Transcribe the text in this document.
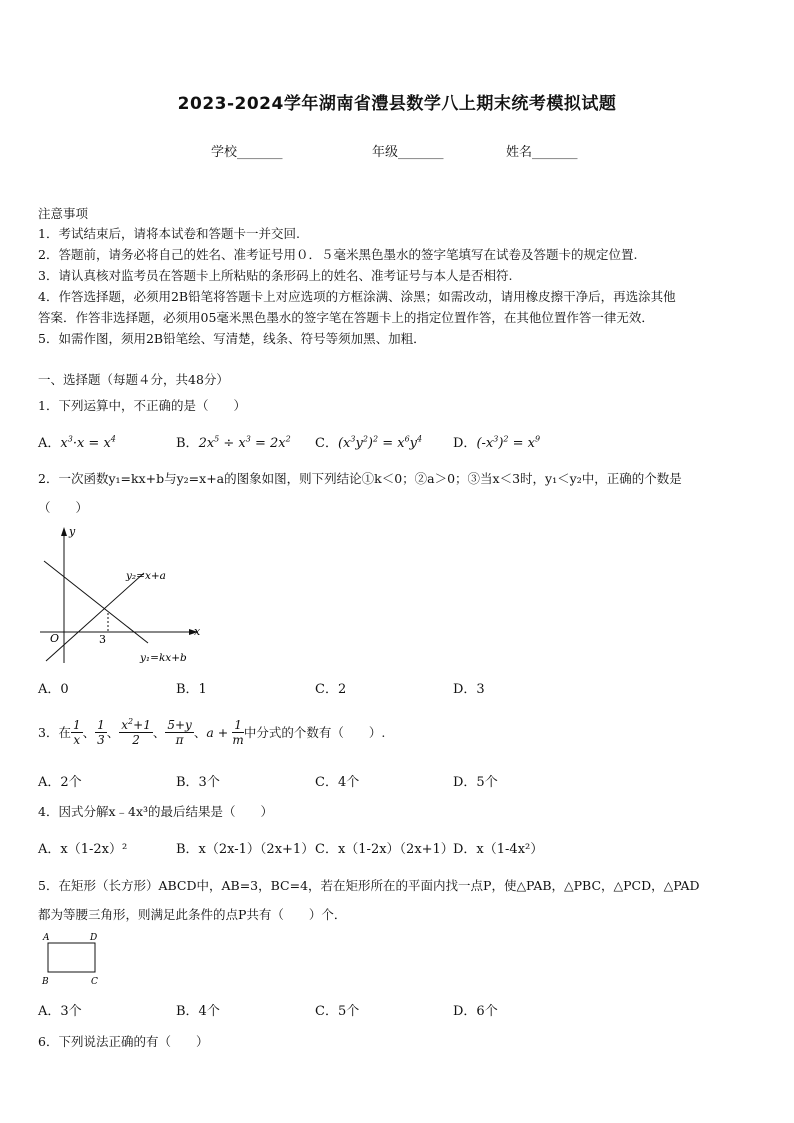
2023-2024学年湖南省澧县数学八上期末统考模拟试题
学校_______	年级_______	姓名_______
注意事项
1．考试结束后，请将本试卷和答题卡一并交回.
2．答题前，请务必将自己的姓名、准考证号用０．５毫米黑色墨水的签字笔填写在试卷及答题卡的规定位置.
3．请认真核对监考员在答题卡上所粘贴的条形码上的姓名、准考证号与本人是否相符.
4．作答选择题，必须用2B铅笔将答题卡上对应选项的方框涂满、涂黑；如需改动，请用橡皮擦干净后，再选涂其他
答案．作答非选择题，必须用05毫米黑色墨水的签字笔在答题卡上的指定位置作答，在其他位置作答一律无效．
5．如需作图，须用2B铅笔绘、写清楚，线条、符号等须加黑、加粗．
一、选择题（每题４分，共48分）
1．下列运算中，不正确的是（　　）
A．$x^3\cdot x = x^4$	B．$2x^5 \div x^3 = 2x^2$ C．$(x^3y^2)^2 = x^6y^4$ D．$(-x^3)^2 = x^9$
2．一次函数y₁=kx+b与y₂=x+a的图象如图，则下列结论①k＜0；②a＞0；③当x＜3时，y₁＜y₂中，正确的个数是
（　　）
y
x
O	3
y₂=x+a
y₁=kx+b
A．0	B．1	C．2	D．3
3．在 $\frac{1}{x}$ 、 $\frac{1}{3}$ 、 $\frac{x^2+1}{2}$ 、 $\frac{5+y}{\pi}$ 、 $a + \frac{1}{m}$ 中分式的个数有（　　）.
A．2个	B．3个	C．4个	D．5个
4．因式分解x﹣4x³的最后结果是（　　）
A．x（1-2x）²	B．x（2x-1）（2x+1） C．x（1-2x）（2x+1） D．x（1-4x²）
5．在矩形（长方形）ABCD中，AB=3，BC=4，若在矩形所在的平面内找一点P，使△PAB，△PBC，△PCD，△PAD
都为等腰三角形，则满足此条件的点P共有（　　）个．
A	D
B	C
A．3个	B．4个	C．5个	D．6个
6．下列说法正确的有（　　）
